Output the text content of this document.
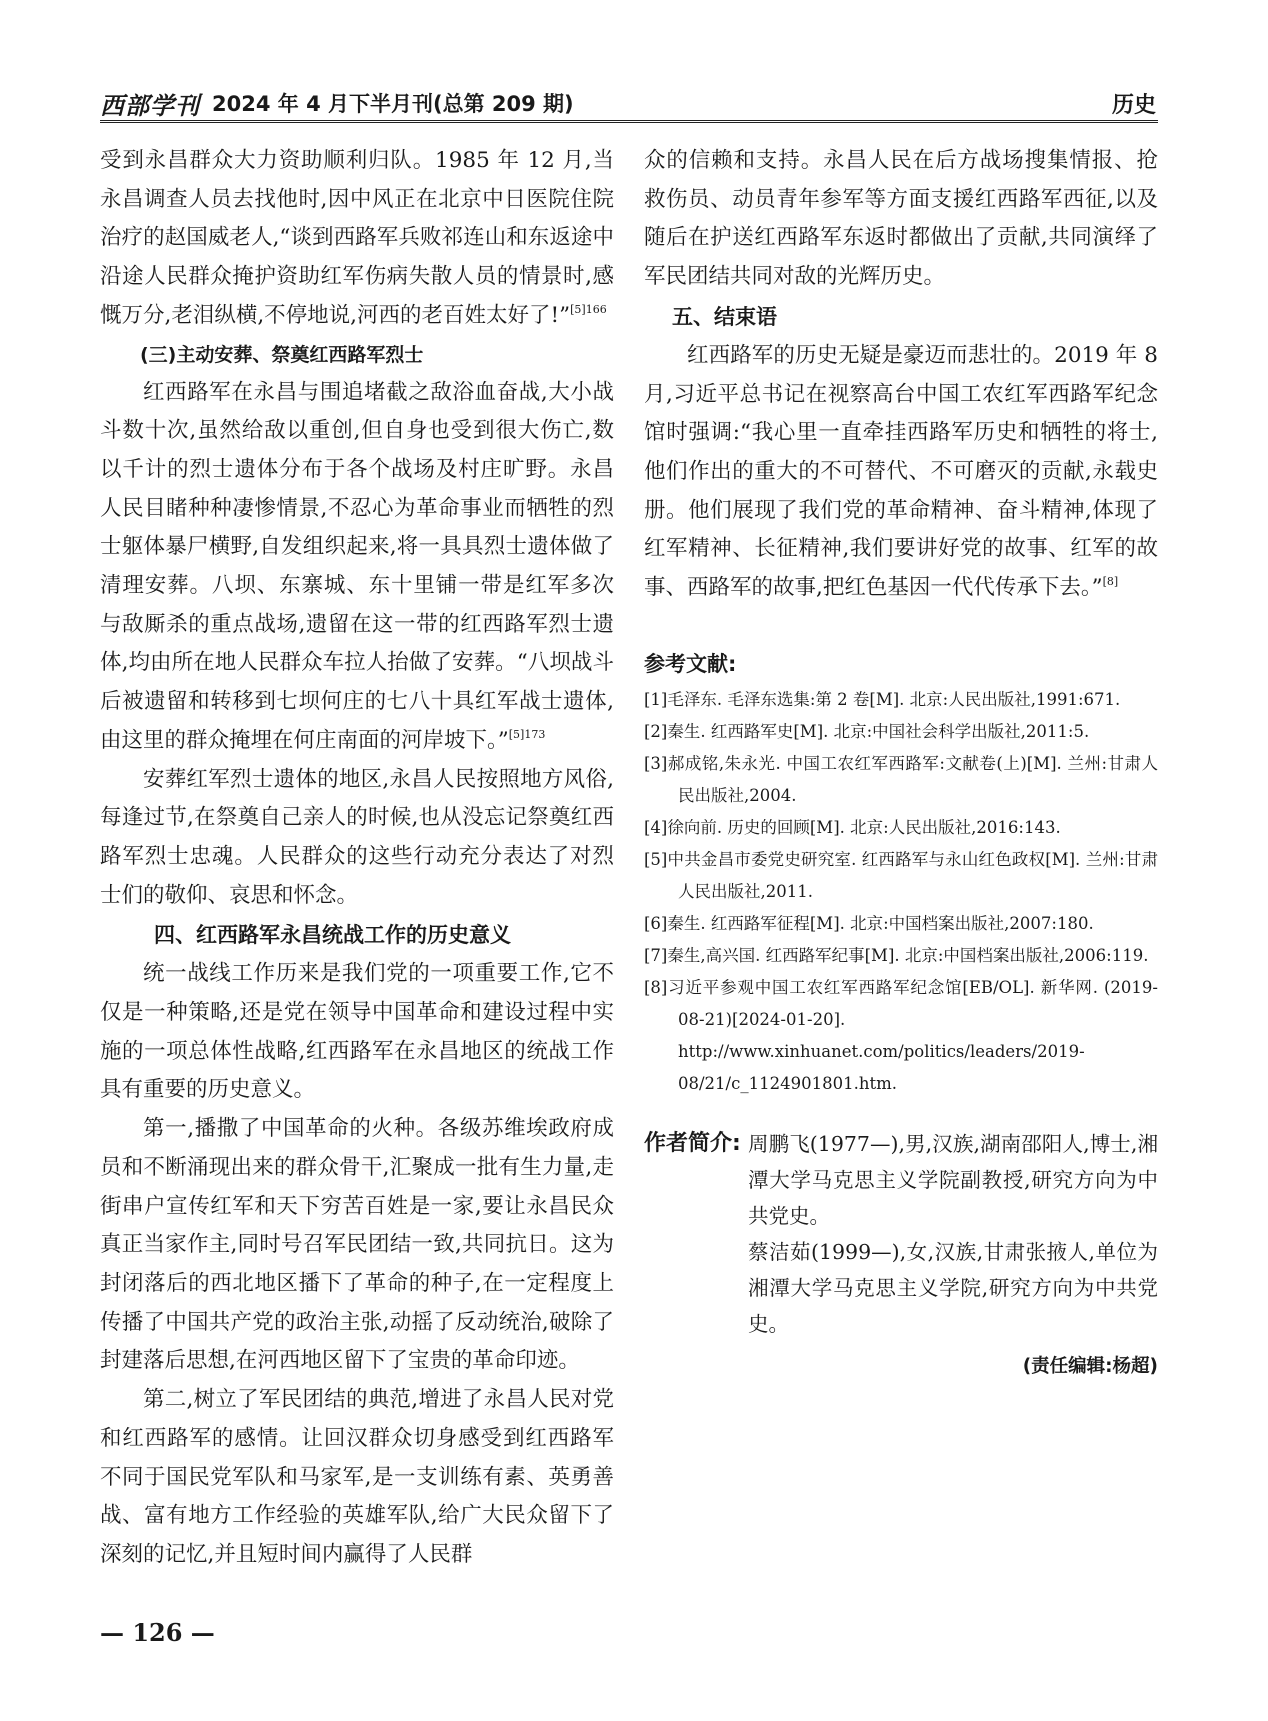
西部学刊 2024 年 4 月下半月刊(总第 209 期)	历史

受到永昌群众大力资助顺利归队。1985 年 12 月,当永昌调查人员去找他时,因中风正在北京中日医院住院治疗的赵国威老人,“谈到西路军兵败祁连山和东返途中沿途人民群众掩护资助红军伤病失散人员的情景时,感慨万分,老泪纵横,不停地说,河西的老百姓太好了!”$^{[5]166}$

(三)主动安葬、祭奠红西路军烈士

红西路军在永昌与围追堵截之敌浴血奋战,大小战斗数十次,虽然给敌以重创,但自身也受到很大伤亡,数以千计的烈士遗体分布于各个战场及村庄旷野。永昌人民目睹种种凄惨情景,不忍心为革命事业而牺牲的烈士躯体暴尸横野,自发组织起来,将一具具烈士遗体做了清理安葬。八坝、东寨城、东十里铺一带是红军多次与敌厮杀的重点战场,遗留在这一带的红西路军烈士遗体,均由所在地人民群众车拉人抬做了安葬。“八坝战斗后被遗留和转移到七坝何庄的七八十具红军战士遗体,由这里的群众掩埋在何庄南面的河岸坡下。”$^{[5]173}$

安葬红军烈士遗体的地区,永昌人民按照地方风俗,每逢过节,在祭奠自己亲人的时候,也从没忘记祭奠红西路军烈士忠魂。人民群众的这些行动充分表达了对烈士们的敬仰、哀思和怀念。

四、红西路军永昌统战工作的历史意义

统一战线工作历来是我们党的一项重要工作,它不仅是一种策略,还是党在领导中国革命和建设过程中实施的一项总体性战略,红西路军在永昌地区的统战工作具有重要的历史意义。

第一,播撒了中国革命的火种。各级苏维埃政府成员和不断涌现出来的群众骨干,汇聚成一批有生力量,走街串户宣传红军和天下穷苦百姓是一家,要让永昌民众真正当家作主,同时号召军民团结一致,共同抗日。这为封闭落后的西北地区播下了革命的种子,在一定程度上传播了中国共产党的政治主张,动摇了反动统治,破除了封建落后思想,在河西地区留下了宝贵的革命印迹。

第二,树立了军民团结的典范,增进了永昌人民对党和红西路军的感情。让回汉群众切身感受到红西路军不同于国民党军队和马家军,是一支训练有素、英勇善战、富有地方工作经验的英雄军队,给广大民众留下了深刻的记忆,并且短时间内赢得了人民群

众的信赖和支持。永昌人民在后方战场搜集情报、抢救伤员、动员青年参军等方面支援红西路军西征,以及随后在护送红西路军东返时都做出了贡献,共同演绎了军民团结共同对敌的光辉历史。

五、结束语

红西路军的历史无疑是豪迈而悲壮的。2019 年 8 月,习近平总书记在视察高台中国工农红军西路军纪念馆时强调:“我心里一直牵挂西路军历史和牺牲的将士,他们作出的重大的不可替代、不可磨灭的贡献,永载史册。他们展现了我们党的革命精神、奋斗精神,体现了红军精神、长征精神,我们要讲好党的故事、红军的故事、西路军的故事,把红色基因一代代传承下去。”[8]

参考文献:
[1]毛泽东. 毛泽东选集:第 2 卷[M]. 北京:人民出版社,1991:671.
[2]秦生. 红西路军史[M]. 北京:中国社会科学出版社,2011:5.
[3]郝成铭,朱永光. 中国工农红军西路军:文献卷(上)[M]. 兰州:甘肃人民出版社,2004.
[4]徐向前. 历史的回顾[M]. 北京:人民出版社,2016:143.
[5]中共金昌市委党史研究室. 红西路军与永山红色政权[M]. 兰州:甘肃人民出版社,2011.
[6]秦生. 红西路军征程[M]. 北京:中国档案出版社,2007:180.
[7]秦生,高兴国. 红西路军纪事[M]. 北京:中国档案出版社,2006:119.
[8]习近平参观中国工农红军西路军纪念馆[EB/OL]. 新华网. (2019-08-21)[2024-01-20]. http://www.xinhuanet.com/politics/leaders/2019-08/21/c_1124901801.htm.
作者简介: 周鹏飞(1977—),男,汉族,湖南邵阳人,博士,湘潭大学马克思主义学院副教授,研究方向为中共党史。

蔡洁茹(1999—),女,汉族,甘肃张掖人,单位为湘潭大学马克思主义学院,研究方向为中共党史。

(责任编辑:杨超)
— 126 —
